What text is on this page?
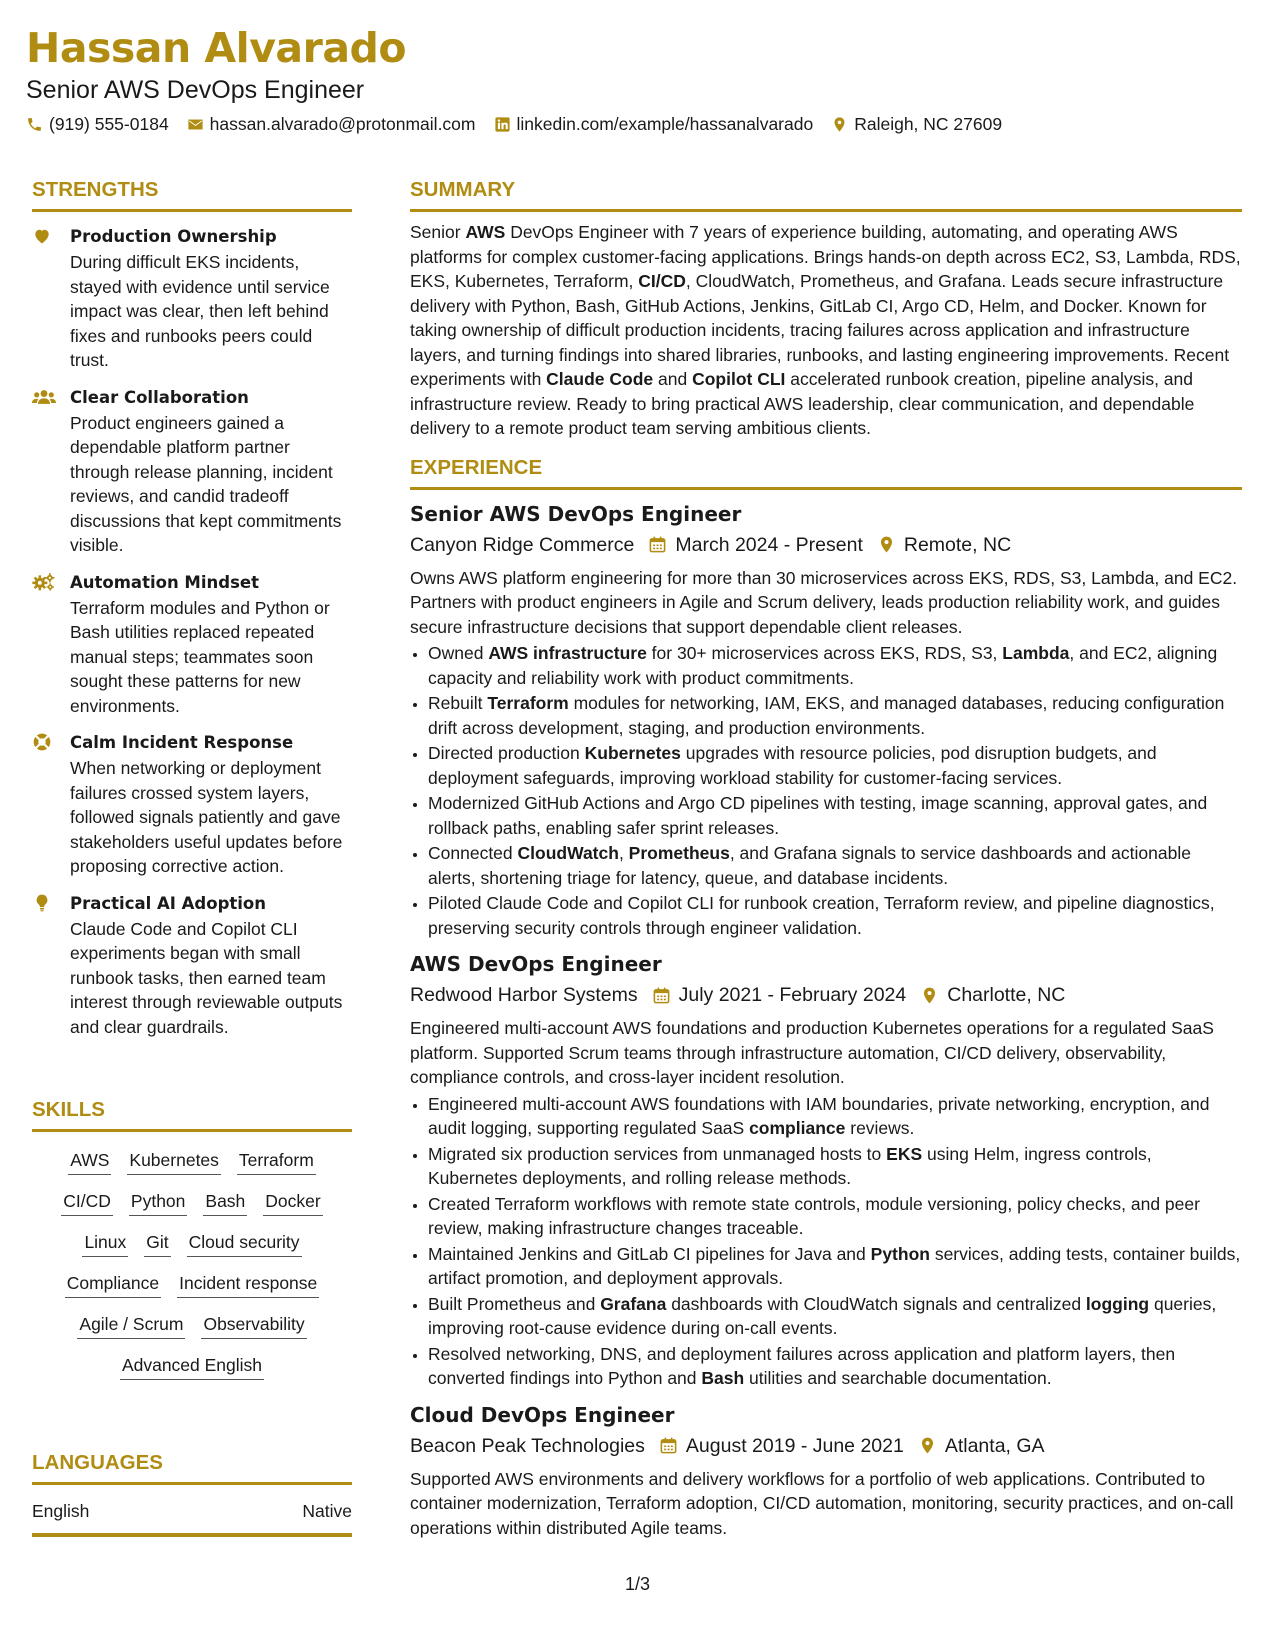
Hassan Alvarado
Senior AWS DevOps Engineer
(919) 555-0184 hassan.alvarado@protonmail.com linkedin.com/example/hassanalvarado Raleigh, NC 27609
STRENGTHS
Production Ownership
During difficult EKS incidents, stayed with evidence until service impact was clear, then left behind fixes and runbooks peers could trust.
Clear Collaboration
Product engineers gained a dependable platform partner through release planning, incident reviews, and candid tradeoff discussions that kept commitments visible.
Automation Mindset
Terraform modules and Python or Bash utilities replaced repeated manual steps; teammates soon sought these patterns for new environments.
Calm Incident Response
When networking or deployment failures crossed system layers, followed signals patiently and gave stakeholders useful updates before proposing corrective action.
Practical AI Adoption
Claude Code and Copilot CLI experiments began with small runbook tasks, then earned team interest through reviewable outputs and clear guardrails.
SKILLS
AWS Kubernetes Terraform
CI/CD Python Bash Docker
Linux Git Cloud security
Compliance Incident response
Agile / Scrum Observability
Advanced English
LANGUAGES
English	Native
SUMMARY

Senior AWS DevOps Engineer with 7 years of experience building, automating, and operating AWS platforms for complex customer-facing applications. Brings hands-on depth across EC2, S3, Lambda, RDS, EKS, Kubernetes, Terraform, CI/CD, CloudWatch, Prometheus, and Grafana. Leads secure infrastructure delivery with Python, Bash, GitHub Actions, Jenkins, GitLab CI, Argo CD, Helm, and Docker. Known for taking ownership of difficult production incidents, tracing failures across application and infrastructure layers, and turning findings into shared libraries, runbooks, and lasting engineering improvements. Recent experiments with Claude Code and Copilot CLI accelerated runbook creation, pipeline analysis, and infrastructure review. Ready to bring practical AWS leadership, clear communication, and dependable delivery to a remote product team serving ambitious clients.

EXPERIENCE
Senior AWS DevOps Engineer
Canyon Ridge Commerce March 2024 - Present Remote, NC

Owns AWS platform engineering for more than 30 microservices across EKS, RDS, S3, Lambda, and EC2. Partners with product engineers in Agile and Scrum delivery, leads production reliability work, and guides secure infrastructure decisions that support dependable client releases.

• Owned AWS infrastructure for 30+ microservices across EKS, RDS, S3, Lambda, and EC2, aligning capacity and reliability work with product commitments.
• Rebuilt Terraform modules for networking, IAM, EKS, and managed databases, reducing configuration drift across development, staging, and production environments.
• Directed production Kubernetes upgrades with resource policies, pod disruption budgets, and deployment safeguards, improving workload stability for customer-facing services.
• Modernized GitHub Actions and Argo CD pipelines with testing, image scanning, approval gates, and rollback paths, enabling safer sprint releases.
• Connected CloudWatch, Prometheus, and Grafana signals to service dashboards and actionable alerts, shortening triage for latency, queue, and database incidents.
• Piloted Claude Code and Copilot CLI for runbook creation, Terraform review, and pipeline diagnostics, preserving security controls through engineer validation.
AWS DevOps Engineer
Redwood Harbor Systems July 2021 - February 2024 Charlotte, NC

Engineered multi-account AWS foundations and production Kubernetes operations for a regulated SaaS platform. Supported Scrum teams through infrastructure automation, CI/CD delivery, observability, compliance controls, and cross-layer incident resolution.

• Engineered multi-account AWS foundations with IAM boundaries, private networking, encryption, and audit logging, supporting regulated SaaS compliance reviews.
• Migrated six production services from unmanaged hosts to EKS using Helm, ingress controls, Kubernetes deployments, and rolling release methods.
• Created Terraform workflows with remote state controls, module versioning, policy checks, and peer review, making infrastructure changes traceable.
• Maintained Jenkins and GitLab CI pipelines for Java and Python services, adding tests, container builds, artifact promotion, and deployment approvals.
• Built Prometheus and Grafana dashboards with CloudWatch signals and centralized logging queries, improving root-cause evidence during on-call events.
• Resolved networking, DNS, and deployment failures across application and platform layers, then converted findings into Python and Bash utilities and searchable documentation.
Cloud DevOps Engineer
Beacon Peak Technologies August 2019 - June 2021 Atlanta, GA

Supported AWS environments and delivery workflows for a portfolio of web applications. Contributed to container modernization, Terraform adoption, CI/CD automation, monitoring, security practices, and on-call operations within distributed Agile teams.

1/3
